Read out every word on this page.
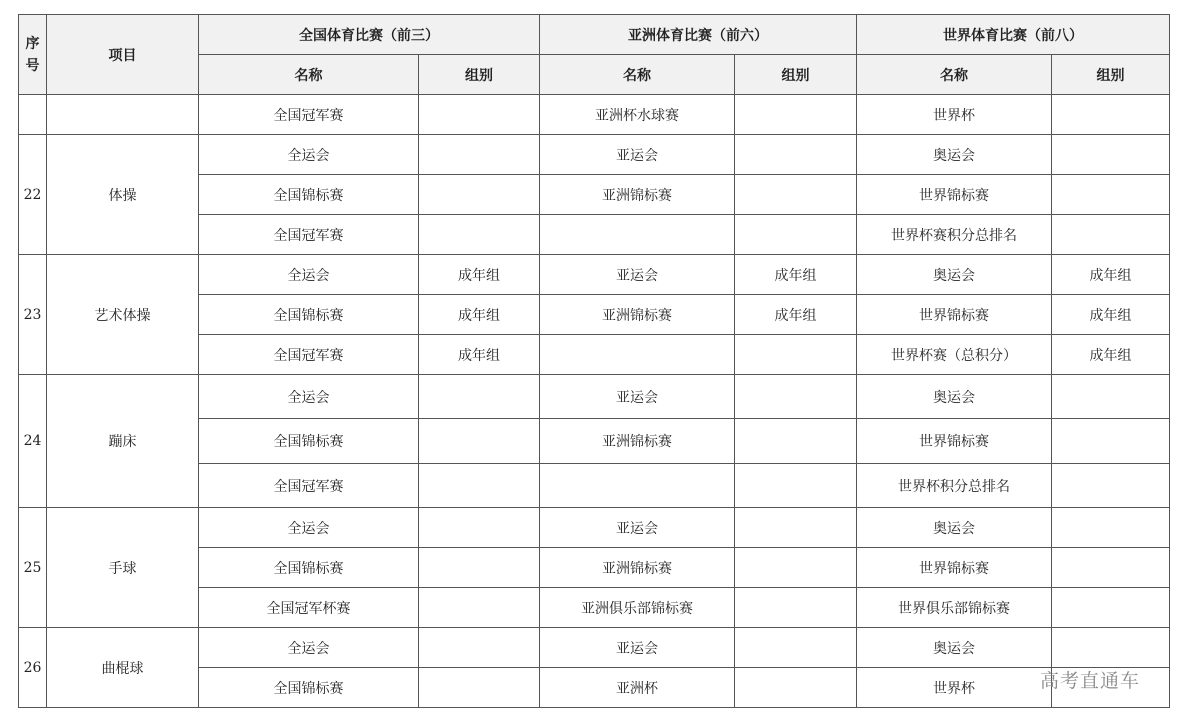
序号	项目	全国体育比赛（前三）		亚洲体育比赛（前六）		世界体育比赛（前八）	
		名称	组别	名称	组别	名称	组别
		全国冠军赛		亚洲杯水球赛		世界杯	
22	体操	全运会		亚运会		奥运会	
		全国锦标赛		亚洲锦标赛		世界锦标赛	
		全国冠军赛				世界杯赛积分总排名	
23	艺术体操	全运会	成年组	亚运会	成年组	奥运会	成年组
		全国锦标赛	成年组	亚洲锦标赛	成年组	世界锦标赛	成年组
		全国冠军赛	成年组			世界杯赛（总积分）	成年组
24	蹦床	全运会		亚运会		奥运会	
		全国锦标赛		亚洲锦标赛		世界锦标赛	
		全国冠军赛				世界杯积分总排名	
25	手球	全运会		亚运会		奥运会	
		全国锦标赛		亚洲锦标赛		世界锦标赛	
		全国冠军杯赛		亚洲俱乐部锦标赛		世界俱乐部锦标赛	
26	曲棍球	全运会		亚运会		奥运会	
		全国锦标赛		亚洲杯		世界杯		高考直通车
